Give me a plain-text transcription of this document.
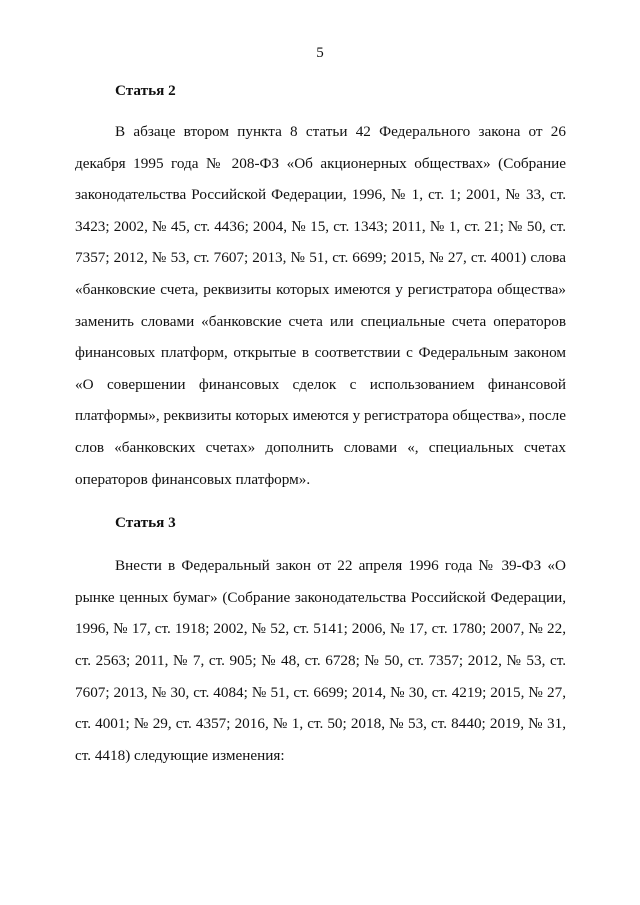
5
Статья 2

В абзаце втором пункта 8 статьи 42 Федерального закона от 26 декабря 1995 года № 208-ФЗ «Об акционерных обществах» (Собрание законодательства Российской Федерации, 1996, № 1, ст. 1; 2001, № 33, ст. 3423; 2002, № 45, ст. 4436; 2004, № 15, ст. 1343; 2011, № 1, ст. 21; № 50, ст. 7357; 2012, № 53, ст. 7607; 2013, № 51, ст. 6699; 2015, № 27, ст. 4001) слова «банковские счета, реквизиты которых имеются у регистратора общества» заменить словами «банковские счета или специальные счета операторов финансовых платформ, открытые в соответствии с Федеральным законом «О совершении финансовых сделок с использованием финансовой платформы», реквизиты которых имеются у регистратора общества», после слов «банковских счетах» дополнить словами «, специальных счетах операторов финансовых платформ».

Статья 3

Внести в Федеральный закон от 22 апреля 1996 года № 39-ФЗ «О рынке ценных бумаг» (Собрание законодательства Российской Федерации, 1996, № 17, ст. 1918; 2002, № 52, ст. 5141; 2006, № 17, ст. 1780; 2007, № 22, ст. 2563; 2011, № 7, ст. 905; № 48, ст. 6728; № 50, ст. 7357; 2012, № 53, ст. 7607; 2013, № 30, ст. 4084; № 51, ст. 6699; 2014, № 30, ст. 4219; 2015, № 27, ст. 4001; № 29, ст. 4357; 2016, № 1, ст. 50; 2018, № 53, ст. 8440; 2019, № 31, ст. 4418) следующие изменения:
